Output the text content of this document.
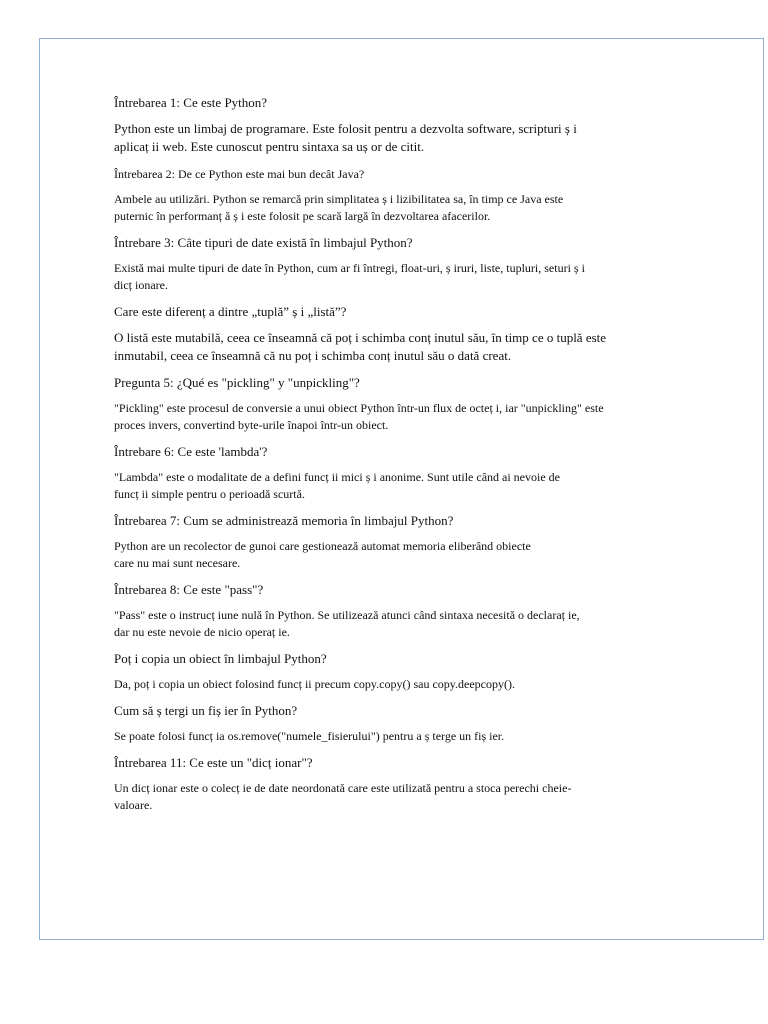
Întrebarea 1: Ce este Python?

Python este un limbaj de programare. Este folosit pentru a dezvolta software, scripturi ș i
aplicaț ii web. Este cunoscut pentru sintaxa sa uș or de citit.

Întrebarea 2: De ce Python este mai bun decât Java?

Ambele au utilizări. Python se remarcă prin simplitatea ș i lizibilitatea sa, în timp ce Java este
puternic în performanț ă ș i este folosit pe scară largă în dezvoltarea afacerilor.

Întrebare 3: Câte tipuri de date există în limbajul Python?

Există mai multe tipuri de date în Python, cum ar fi întregi, float-uri, ș iruri, liste, tupluri, seturi ș i
dicț ionare.

Care este diferenț a dintre „tuplă” ș i „listă”?

O listă este mutabilă, ceea ce înseamnă că poț i schimba conț inutul său, în timp ce o tuplă este
inmutabil, ceea ce înseamnă că nu poț i schimba conț inutul său o dată creat.

Pregunta 5: ¿Qué es "pickling" y "unpickling"?

"Pickling" este procesul de conversie a unui obiect Python într-un flux de octeț i, iar "unpickling" este
proces invers, convertind byte-urile înapoi într-un obiect.

Întrebare 6: Ce este 'lambda'?

"Lambda" este o modalitate de a defini funcț ii mici ș i anonime. Sunt utile când ai nevoie de
funcț ii simple pentru o perioadă scurtă.

Întrebarea 7: Cum se administrează memoria în limbajul Python?

Python are un recolector de gunoi care gestionează automat memoria eliberând obiecte
care nu mai sunt necesare.

Întrebarea 8: Ce este "pass"?

"Pass" este o instrucț iune nulă în Python. Se utilizează atunci când sintaxa necesită o declaraț ie,
dar nu este nevoie de nicio operaț ie.

Poț i copia un obiect în limbajul Python?

Da, poț i copia un obiect folosind funcț ii precum copy.copy() sau copy.deepcopy().

Cum să ș tergi un fiș ier în Python?

Se poate folosi funcț ia os.remove("numele_fisierului") pentru a ș terge un fiș ier.

Întrebarea 11: Ce este un "dicț ionar"?

Un dicț ionar este o colecț ie de date neordonată care este utilizată pentru a stoca perechi cheie-
valoare.
